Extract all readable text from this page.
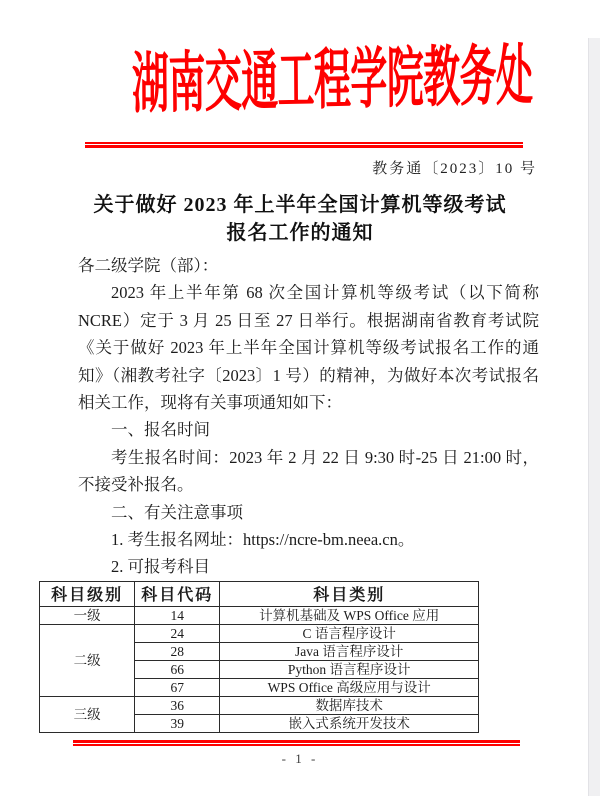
湖南交通工程学院教务处
教务通〔2023〕10 号
关于做好 2023 年上半年全国计算机等级考试
报名工作的通知

各二级学院（部）：

2023 年上半年第 68 次全国计算机等级考试（以下简称 NCRE）定于 3 月 25 日至 27 日举行。根据湖南省教育考试院《关于做好 2023 年上半年全国计算机等级考试报名工作的通知》（湘教考社字〔2023〕1 号）的精神，为做好本次考试报名相关工作，现将有关事项通知如下：

一、报名时间

考生报名时间：2023 年 2 月 22 日 9:30 时-25 日 21:00 时，不接受补报名。

二、有关注意事项

1. 考生报名网址：https://ncre-bm.neea.cn。

2. 可报考科目

科目级别	科目代码	科目类别
一级	14	计算机基础及 WPS Office 应用
二级	24	C 语言程序设计
	28	Java 语言程序设计
	66	Python 语言程序设计
	67	WPS Office 高级应用与设计
三级	36	数据库技术
	39	嵌入式系统开发技术
- 1 -
